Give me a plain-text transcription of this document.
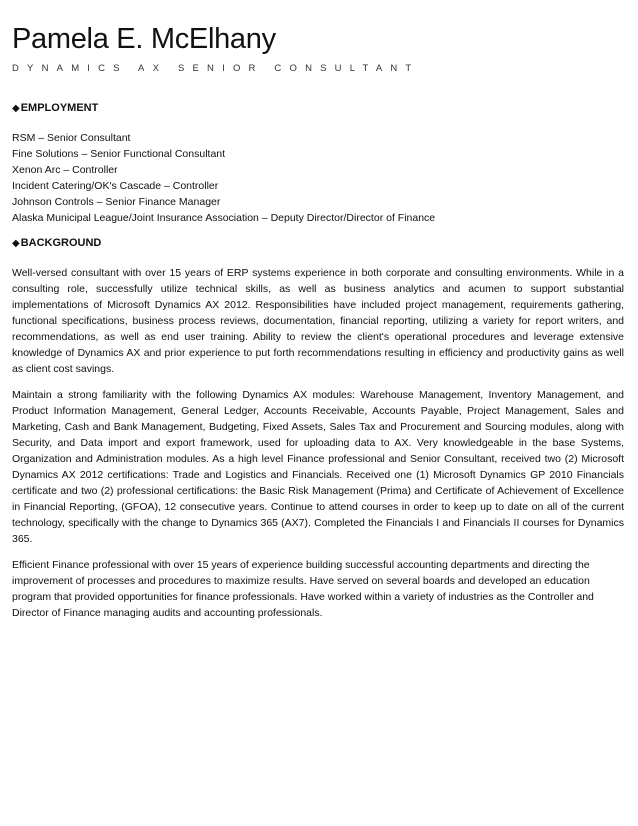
Pamela E. McElhany
DYNAMICS AX SENIOR CONSULTANT
◆EMPLOYMENT
RSM – Senior Consultant
Fine Solutions – Senior Functional Consultant
Xenon Arc – Controller
Incident Catering/OK's Cascade – Controller
Johnson Controls – Senior Finance Manager
Alaska Municipal League/Joint Insurance Association – Deputy Director/Director of Finance
◆BACKGROUND

Well-versed consultant with over 15 years of ERP systems experience in both corporate and consulting environments. While in a consulting role, successfully utilize technical skills, as well as business analytics and acumen to support substantial implementations of Microsoft Dynamics AX 2012. Responsibilities have included project management, requirements gathering, functional specifications, business process reviews, documentation, financial reporting, utilizing a variety for report writers, and recommendations, as well as end user training. Ability to review the client's operational procedures and leverage extensive knowledge of Dynamics AX and prior experience to put forth recommendations resulting in efficiency and productivity gains as well as client cost savings.

Maintain a strong familiarity with the following Dynamics AX modules: Warehouse Management, Inventory Management, and Product Information Management, General Ledger, Accounts Receivable, Accounts Payable, Project Management, Sales and Marketing, Cash and Bank Management, Budgeting, Fixed Assets, Sales Tax and Procurement and Sourcing modules, along with Security, and Data import and export framework, used for uploading data to AX. Very knowledgeable in the base Systems, Organization and Administration modules. As a high level Finance professional and Senior Consultant, received two (2) Microsoft Dynamics AX 2012 certifications: Trade and Logistics and Financials. Received one (1) Microsoft Dynamics GP 2010 Financials certificate and two (2) professional certifications: the Basic Risk Management (Prima) and Certificate of Achievement of Excellence in Financial Reporting, (GFOA), 12 consecutive years. Continue to attend courses in order to keep up to date on all of the current technology, specifically with the change to Dynamics 365 (AX7). Completed the Financials I and Financials II courses for Dynamics 365.

Efficient Finance professional with over 15 years of experience building successful accounting departments and directing the improvement of processes and procedures to maximize results. Have served on several boards and developed an education program that provided opportunities for finance professionals. Have worked within a variety of industries as the Controller and Director of Finance managing audits and accounting professionals.
